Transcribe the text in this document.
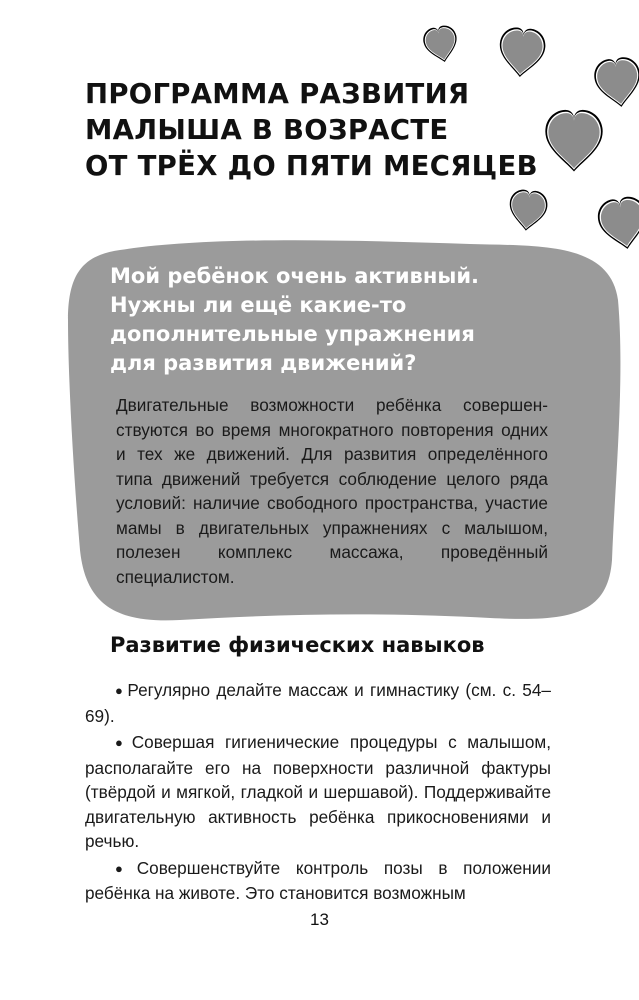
ПРОГРАММА РАЗВИТИЯ
МАЛЫША В ВОЗРАСТЕ
ОТ ТРЁХ ДО ПЯТИ МЕСЯЦЕВ
Мой ребёнок очень активный.
Нужны ли ещё какие-то
дополнительные упражнения
для развития движений?
Двигательные возможности ребёнка совершенствуются во время многократного повторения одних и тех же движений. Для развития определённого типа движений требуется соблюдение целого ряда условий: наличие свободного пространства, участие мамы в двигательных упражнениях с малышом, полезен комплекс массажа, проведённый специалистом.
Развитие физических навыков

● Регулярно делайте массаж и гимнастику (см. с. 54–69).

● Совершая гигиенические процедуры с малышом, располагайте его на поверхности различной фактуры (твёрдой и мягкой, гладкой и шершавой). Поддерживайте двигательную активность ребёнка прикосновениями и речью.

● Совершенствуйте контроль позы в положении ребёнка на животе. Это становится возможным

13
